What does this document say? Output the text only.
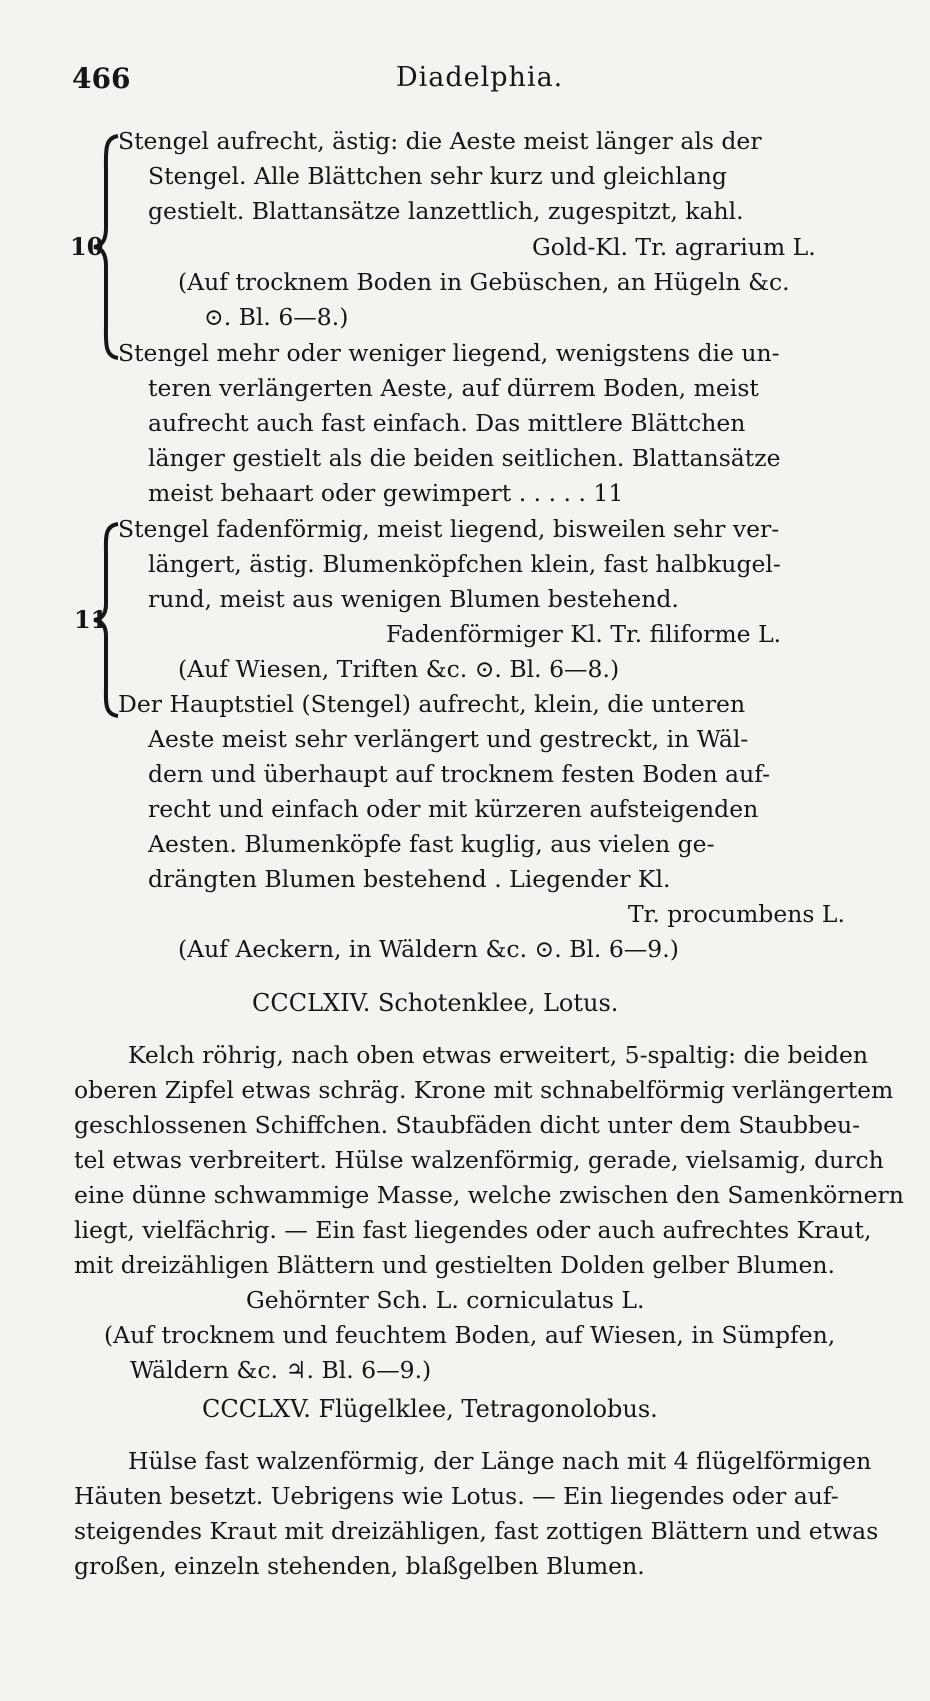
466	Diadelphia.
10
Stengel aufrecht, ästig: die Aeste meist länger als der
Stengel. Alle Blättchen sehr kurz und gleichlang
gestielt. Blattansätze lanzettlich, zugespitzt, kahl.
Gold-Kl. Tr. agrarium L.
(Auf trocknem Boden in Gebüschen, an Hügeln &c.
⊙. Bl. 6—8.)
Stengel mehr oder weniger liegend, wenigstens die un-
teren verlängerten Aeste, auf dürrem Boden, meist
aufrecht auch fast einfach. Das mittlere Blättchen
länger gestielt als die beiden seitlichen. Blattansätze
meist behaart oder gewimpert . . . . . 11
11
Stengel fadenförmig, meist liegend, bisweilen sehr ver-
längert, ästig. Blumenköpfchen klein, fast halbkugel-
rund, meist aus wenigen Blumen bestehend.
Fadenförmiger Kl. Tr. filiforme L.
(Auf Wiesen, Triften &c. ⊙. Bl. 6—8.)
Der Hauptstiel (Stengel) aufrecht, klein, die unteren
Aeste meist sehr verlängert und gestreckt, in Wäl-
dern und überhaupt auf trocknem festen Boden auf-
recht und einfach oder mit kürzeren aufsteigenden
Aesten. Blumenköpfe fast kuglig, aus vielen ge-
drängten Blumen bestehend . Liegender Kl.
Tr. procumbens L.
(Auf Aeckern, in Wäldern &c. ⊙. Bl. 6—9.)
CCCLXIV. Schotenklee, Lotus.
Kelch röhrig, nach oben etwas erweitert, 5-spaltig: die beiden
oberen Zipfel etwas schräg. Krone mit schnabelförmig verlängertem
geschlossenen Schiffchen. Staubfäden dicht unter dem Staubbeu-
tel etwas verbreitert. Hülse walzenförmig, gerade, vielsamig, durch
eine dünne schwammige Masse, welche zwischen den Samenkörnern
liegt, vielfächrig. — Ein fast liegendes oder auch aufrechtes Kraut,
mit dreizähligen Blättern und gestielten Dolden gelber Blumen.
Gehörnter Sch. L. corniculatus L.
(Auf trocknem und feuchtem Boden, auf Wiesen, in Sümpfen,
Wäldern &c. ♃. Bl. 6—9.)
CCCLXV. Flügelklee, Tetragonolobus.
Hülse fast walzenförmig, der Länge nach mit 4 flügelförmigen
Häuten besetzt. Uebrigens wie Lotus. — Ein liegendes oder auf-
steigendes Kraut mit dreizähligen, fast zottigen Blättern und etwas
großen, einzeln stehenden, blaßgelben Blumen.
